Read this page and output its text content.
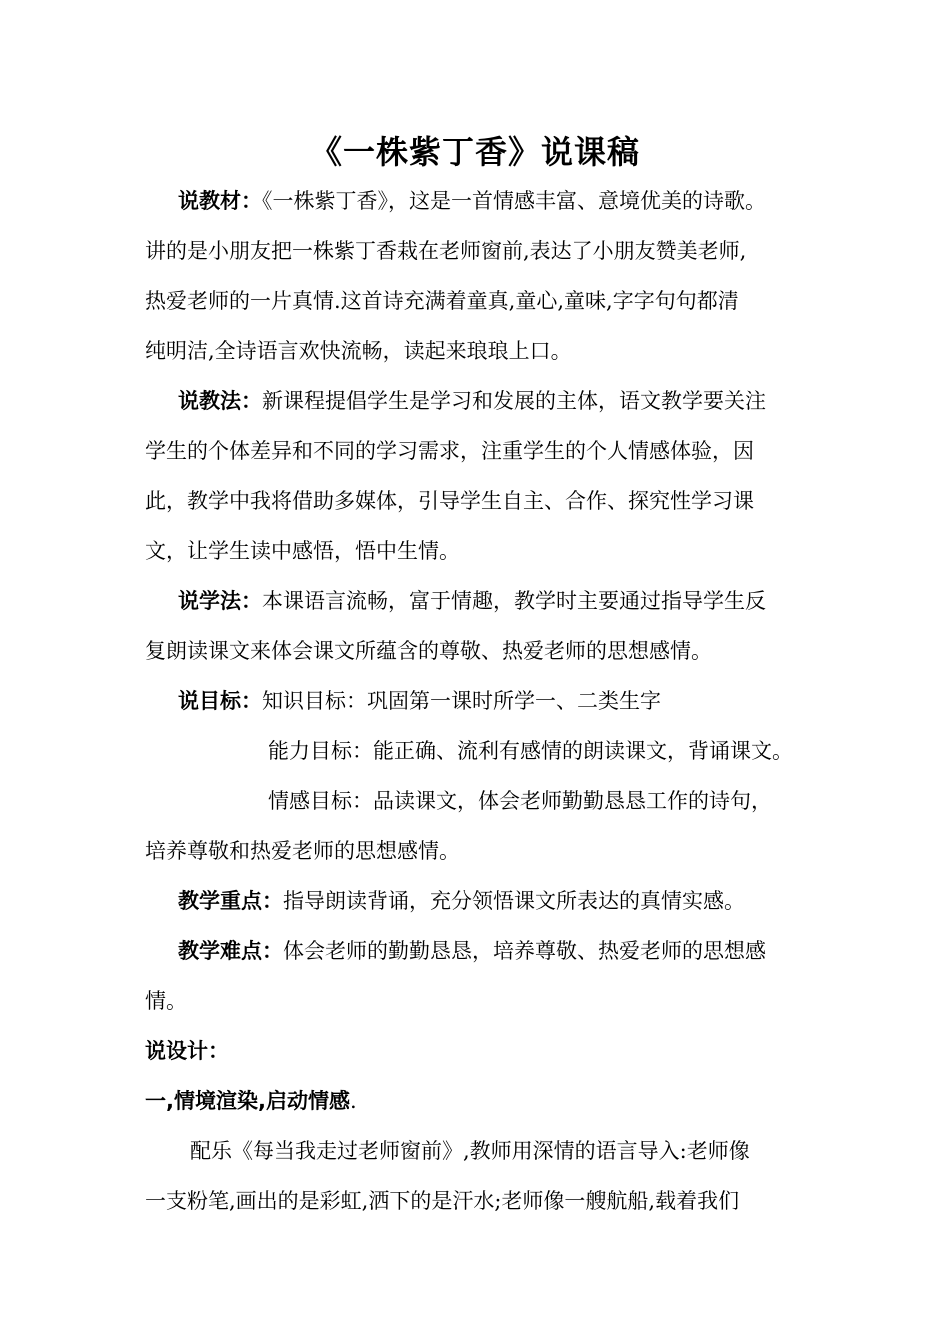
《一株紫丁香》说课稿
说教材：《一株紫丁香》，这是一首情感丰富、意境优美的诗歌。
讲的是小朋友把一株紫丁香栽在老师窗前,表达了小朋友赞美老师,
热爱老师的一片真情.这首诗充满着童真,童心,童味,字字句句都清
纯明洁,全诗语言欢快流畅，读起来琅琅上口。
说教法：新课程提倡学生是学习和发展的主体，语文教学要关注
学生的个体差异和不同的学习需求，注重学生的个人情感体验，因
此，教学中我将借助多媒体，引导学生自主、合作、探究性学习课
文，让学生读中感悟，悟中生情。
说学法：本课语言流畅，富于情趣，教学时主要通过指导学生反
复朗读课文来体会课文所蕴含的尊敬、热爱老师的思想感情。
说目标：知识目标：巩固第一课时所学一、二类生字
能力目标：能正确、流利有感情的朗读课文，背诵课文。
情感目标：品读课文，体会老师勤勤恳恳工作的诗句，
培养尊敬和热爱老师的思想感情。
教学重点：指导朗读背诵，充分领悟课文所表达的真情实感。
教学难点：体会老师的勤勤恳恳，培养尊敬、热爱老师的思想感
情。
说设计：
一,情境渲染,启动情感.
配乐《每当我走过老师窗前》,教师用深情的语言导入:老师像
一支粉笔,画出的是彩虹,洒下的是汗水;老师像一艘航船,载着我们
